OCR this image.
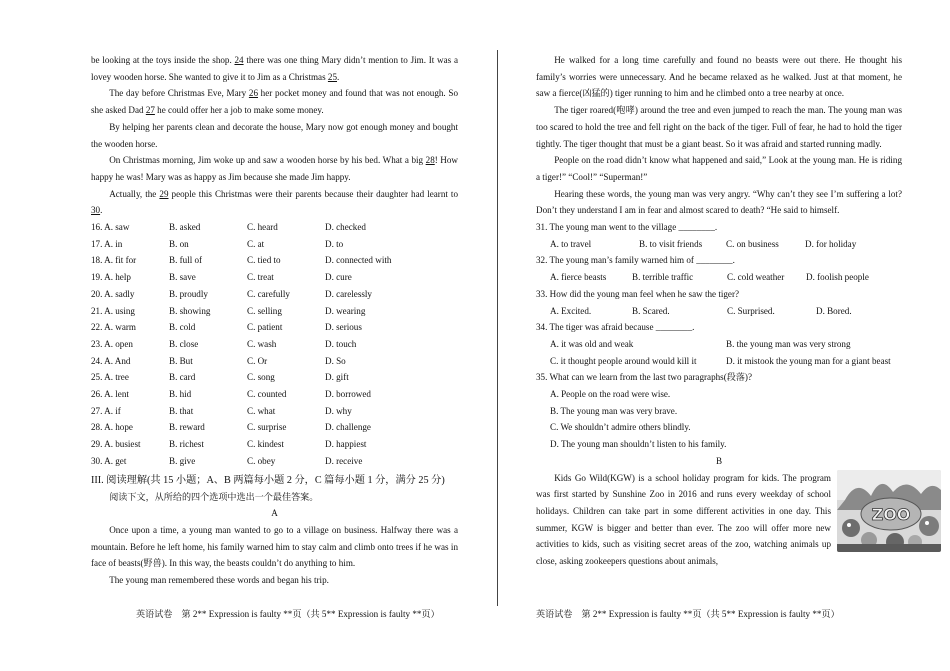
be looking at the toys inside the shop. 24 there was one thing Mary didn’t mention to Jim. It was a lovey wooden horse. She wanted to give it to Jim as a Christmas 25.

The day before Christmas Eve, Mary 26 her pocket money and found that was not enough. So she asked Dad 27 he could offer her a job to make some money.

By helping her parents clean and decorate the house, Mary now got enough money and bought the wooden horse.

On Christmas morning, Jim woke up and saw a wooden horse by his bed. What a big 28! How happy he was! Mary was as happy as Jim because she made Jim happy.

Actually, the 29 people this Christmas were their parents because their daughter had learnt to 30.

16. A. saw	B. asked	C. heard	D. checked
17. A. in	B. on	C. at	D. to
18. A. fit for	B. full of	C. tied to	D. connected with
19. A. help	B. save	C. treat	D. cure
20. A. sadly	B. proudly	C. carefully	D. carelessly
21. A. using	B. showing	C. selling	D. wearing
22. A. warm	B. cold	C. patient	D. serious
23. A. open	B. close	C. wash	D. touch
24. A. And	B. But	C. Or	D. So
25. A. tree	B. card	C. song	D. gift
26. A. lent	B. hid	C. counted	D. borrowed
27. A. if	B. that	C. what	D. why
28. A. hope	B. reward	C. surprise	D. challenge
29. A. busiest	B. richest	C. kindest	D. happiest
30. A. get	B. give	C. obey	D. receive

III. 阅读理解(共 15 小题；A、B 两篇每小题 2 分，C 篇每小题 1 分，满分 25 分)

阅读下文，从所给的四个选项中选出一个最佳答案。

A

Once upon a time, a young man wanted to go to a village on business. Halfway there was a mountain. Before he left home, his family warned him to stay calm and climb onto trees if he was in face of beasts(野兽). In this way, the beasts couldn’t do anything to him.

The young man remembered these words and began his trip.

He walked for a long time carefully and found no beasts were out there. He thought his family’s worries were unnecessary. And he became relaxed as he walked. Just at that moment, he saw a fierce(凶猛的) tiger running to him and he climbed onto a tree nearby at once.

The tiger roared(咆哮) around the tree and even jumped to reach the man. The young man was too scared to hold the tree and fell right on the back of the tiger. Full of fear, he had to hold the tiger tightly. The tiger thought that must be a giant beast. So it was afraid and started running madly.

People on the road didn’t know what happened and said,” Look at the young man. He is riding a tiger!” “Cool!” “Superman!”

Hearing these words, the young man was very angry. “Why can’t they see I’m suffering a lot? Don’t they understand I am in fear and almost scared to death? “He said to himself.

31. The young man went to the village ________.

A. to travel	B. to visit friends	C. on business	D. for holiday

32. The young man’s family warned him of ________.

A. fierce beasts	B. terrible traffic	C. cold weather	D. foolish people

33. How did the young man feel when he saw the tiger?

A. Excited.	B. Scared.	C. Surprised.	D. Bored.

34. The tiger was afraid because ________.

A. it was old and weak	B. the young man was very strong
C. it thought people around would kill it	D. it mistook the young man for a giant beast

35. What can we learn from the last two paragraphs(段落)?

A. People on the road were wise.

B. The young man was very brave.

C. We shouldn’t admire others blindly.

D. The young man shouldn’t listen to his family.

B

ZOO

Kids Go Wild(KGW) is a school holiday program for kids. The program was first started by Sunshine Zoo in 2016 and runs every weekday of school holidays. Children can take part in some different activities in one day. This summer, KGW is bigger and better than ever. The zoo will offer more new activities to kids, such as visiting secret areas of the zoo, watching animals up close, asking zookeepers questions about animals,

英语试卷　第 2** Expression is faulty **页（共 5** Expression is faulty **页）	英语试卷　第 2** Expression is faulty **页（共 5** Expression is faulty **页）
